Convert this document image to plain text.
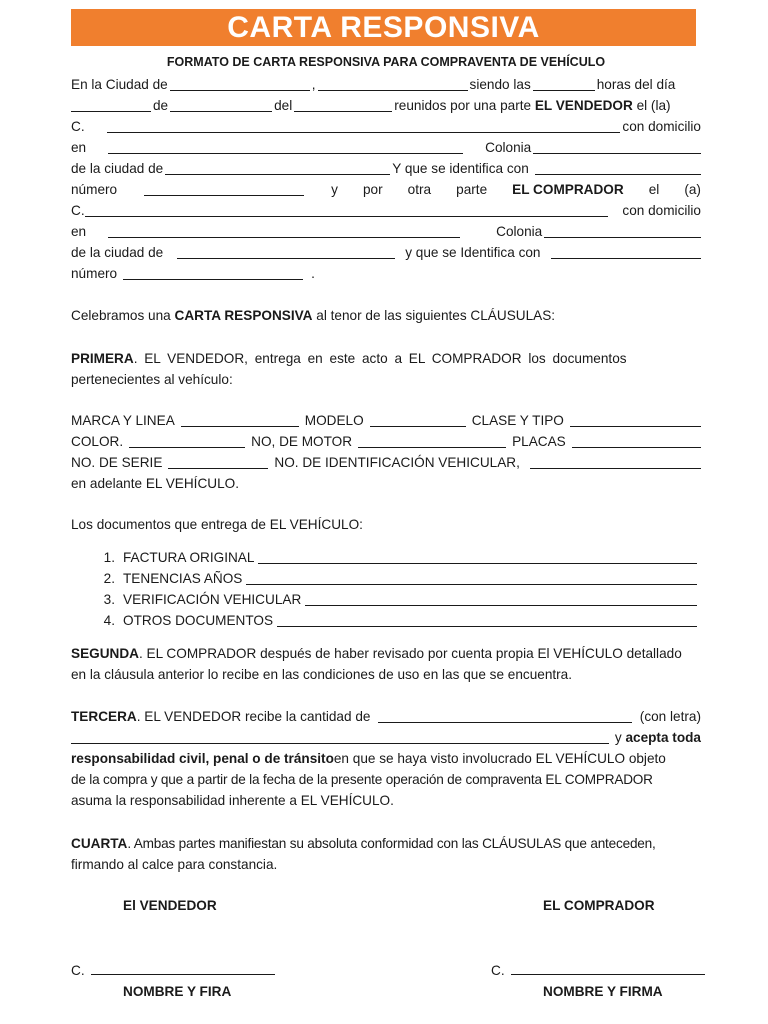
CARTA RESPONSIVA
FORMATO DE CARTA RESPONSIVA PARA COMPRAVENTA DE VEHÍCULO
En la Ciudad de	,	siendo las	horas del día
de	del	reunidos por una parte
EL VENDEDOR
el (la)
C.	con domicilio
en	Colonia
de la ciudad de	Y que se identifica con
número	y por otra parte EL COMPRADOR el (a)
C.	con domicilio
en	Colonia
de la ciudad de	y que se Identifica con
número	.
Celebramos una CARTA RESPONSIVA al tenor de las siguientes CLÁUSULAS:
PRIMERA . EL VENDEDOR, entrega en este acto a EL COMPRADOR los documentos
pertenecientes al vehículo:
MARCA Y LINEA	MODELO	CLASE Y TIPO
COLOR.	NO, DE MOTOR	PLACAS
NO. DE SERIE	NO. DE IDENTIFICACIÓN VEHICULAR,
en adelante EL VEHÍCULO.
Los documentos que entrega de EL VEHÍCULO:
1. FACTURA ORIGINAL
2. TENENCIAS AÑOS
3. VERIFICACIÓN VEHICULAR
4. OTROS DOCUMENTOS
SEGUNDA . EL COMPRADOR después de haber revisado por cuenta propia El VEHÍCULO detallado
en la cláusula anterior lo recibe en las condiciones de uso en las que se encuentra.
TERCERA . EL VENDEDOR recibe la cantidad de	(con letra)
y
acepta toda
responsabilidad civil, penal o de tránsito en que se haya visto involucrado EL VEHÍCULO objeto
de la compra y que a partir de la fecha de la presente operación de compraventa EL COMPRADOR
asuma la responsabilidad inherente a EL VEHÍCULO.
CUARTA . Ambas partes manifiestan su absoluta conformidad con las CLÁUSULAS que anteceden,
firmando al calce para constancia.
El VENDEDOR	EL COMPRADOR
C.	C.
NOMBRE Y FIRA	NOMBRE Y FIRMA
